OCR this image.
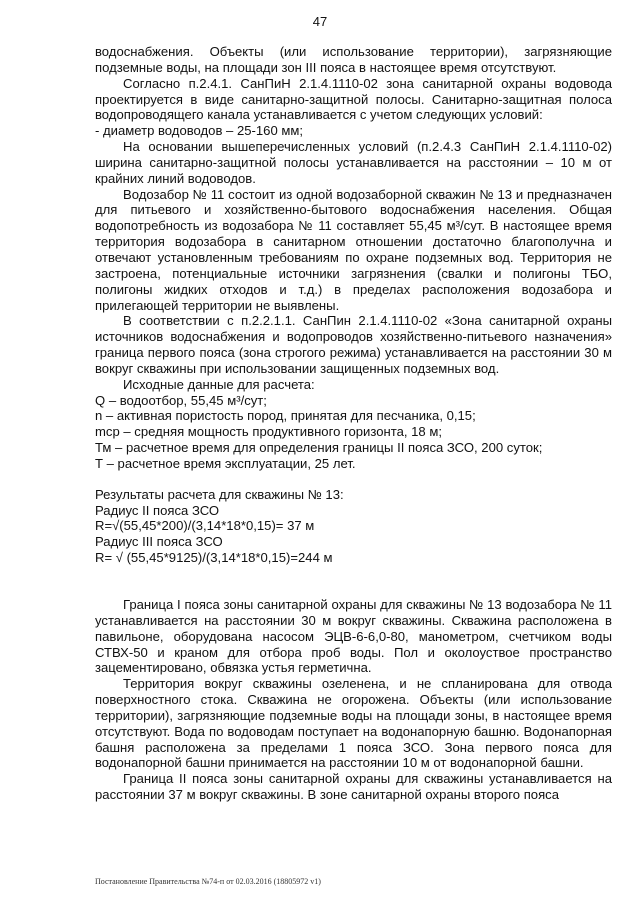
47

водоснабжения. Объекты (или использование территории), загрязняющие подземные воды, на площади зон III пояса в настоящее время отсутствуют.

Согласно п.2.4.1. СанПиН 2.1.4.1110-02 зона санитарной охраны водовода проектируется в виде санитарно-защитной полосы. Санитарно-защитная полоса водопроводящего канала устанавливается с учетом следующих условий:

- диаметр водоводов – 25-160 мм;

На основании вышеперечисленных условий (п.2.4.3 СанПиН 2.1.4.1110-02) ширина санитарно-защитной полосы устанавливается на расстоянии – 10 м от крайних линий водоводов.

Водозабор № 11 состоит из одной водозаборной скважин № 13 и предназначен для питьевого и хозяйственно-бытового водоснабжения населения. Общая водопотребность из водозабора № 11 составляет 55,45 м³/сут. В настоящее время территория водозабора в санитарном отношении достаточно благополучна и отвечают установленным требованиям по охране подземных вод. Территория не застроена, потенциальные источники загрязнения (свалки и полигоны ТБО, полигоны жидких отходов и т.д.) в пределах расположения водозабора и прилегающей территории не выявлены.

В соответствии с п.2.2.1.1. СанПин 2.1.4.1110-02 «Зона санитарной охраны источников водоснабжения и водопроводов хозяйственно-питьевого назначения» граница первого пояса (зона строгого режима) устанавливается на расстоянии 30 м вокруг скважины при использовании защищенных подземных вод.

Исходные данные для расчета:

Q – водоотбор, 55,45 м³/сут;

n – активная пористость пород, принятая для песчаника, 0,15;

mср – средняя мощность продуктивного горизонта, 18 м;

Тм – расчетное время для определения границы II пояса ЗСО, 200 суток;

Т – расчетное время эксплуатации, 25 лет.

Результаты расчета для скважины № 13:

Радиус II пояса ЗСО

R=√(55,45*200)/(3,14*18*0,15)= 37 м

Радиус III пояса ЗСО

R= √ (55,45*9125)/(3,14*18*0,15)=244 м

Граница I пояса зоны санитарной охраны для скважины № 13 водозабора № 11 устанавливается на расстоянии 30 м вокруг скважины. Скважина расположена в павильоне, оборудована насосом ЭЦВ-6-6,0-80, манометром, счетчиком воды СТВХ-50 и краном для отбора проб воды. Пол и околоуствое пространство зацементировано, обвязка устья герметична.

Территория вокруг скважины озеленена, и не спланирована для отвода поверхностного стока. Скважина не огорожена. Объекты (или использование территории), загрязняющие подземные воды на площади зоны, в настоящее время отсутствуют. Вода по водоводам поступает на водонапорную башню. Водонапорная башня расположена за пределами 1 пояса ЗСО. Зона первого пояса для водонапорной башни принимается на расстоянии 10 м от водонапорной башни.

Граница II пояса зоны санитарной охраны для скважины устанавливается на расстоянии 37 м вокруг скважины. В зоне санитарной охраны второго пояса

Постановление Правительства №74-п от 02.03.2016 (18805972 v1)
